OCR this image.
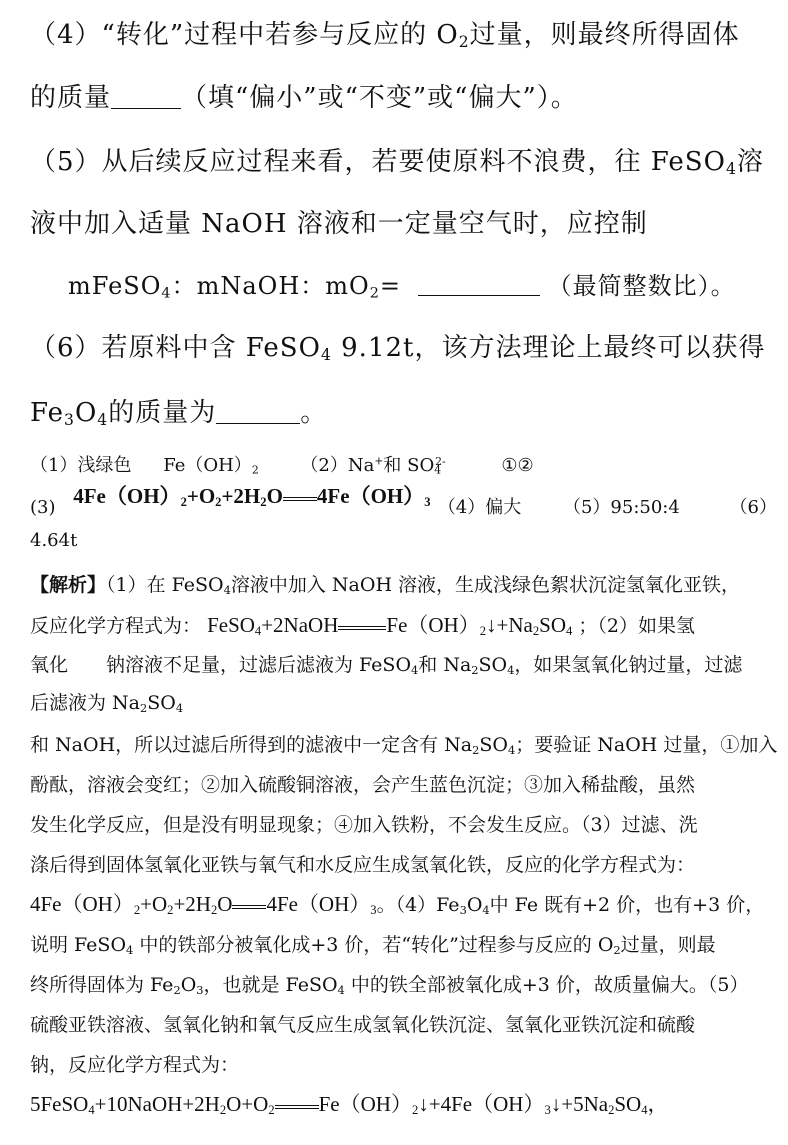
（4）“转化”过程中若参与反应的 $O_2$过量，则最终所得固体
的质量	（填“偏小”或“不变”或“偏大”）。
（5）从后续反应过程来看，若要使原料不浪费，往 FeSO$_4$溶
液中加入适量 NaOH 溶液和一定量空气时，应控制
mFeSO$_4$：mNaOH：$mO_2=$	（最简整数比）。
（6）若原料中含 FeSO$_4$ 9.12t，该方法理论上最终可以获得
$Fe_3O_4$的质量为	。
（1）浅绿色 $Fe(OH)_2$ （2）Na+和 $SO_4^{2-}$	①②
(3) $4Fe(OH)_2+O_2+2H_2O$ $4Fe(OH)_3$ （4）偏大 （5）95:50:4	（6）
4.64t
【解析】（1）在 FeSO$_4$溶液中加入 NaOH 溶液，生成浅绿色絮状沉淀氢氧化亚铁，
反应化学方程式为： FeSO$_4$+2NaOH $Fe(OH)_2↓+Na_2SO_4$ ；（2）如果氢
氧化　　钠溶液不足量，过滤后滤液为 FeSO$_4$和 $Na_2SO_4$，如果氢氧化钠过量，过滤
后滤液为 $Na_2SO_4$
和 NaOH，所以过滤后所得到的滤液中一定含有 $Na_2SO_4$；要验证 NaOH 过量，①加入
酚酞，溶液会变红；②加入硫酸铜溶液，会产生蓝色沉淀；③加入稀盐酸，虽然
发生化学反应，但是没有明显现象；④加入铁粉，不会发生反应。（3）过滤、洗
涤后得到固体氢氧化亚铁与氧气和水反应生成氢氧化铁，反应的化学方程式为：
$4Fe(OH)_2+O_2+2H_2O$ $4Fe(OH)_3$。$(4)Fe_3O_4$中 Fe 既有+2 价，也有+3 价，
说明 FeSO$_4$ 中的铁部分被氧化成+3 价，若“转化”过程参与反应的 $O_2$过量，则最
终所得固体为 $Fe_2O_3$，也就是 FeSO$_4$ 中的铁全部被氧化成+3 价，故质量偏大。（5）
硫酸亚铁溶液、氢氧化钠和氧气反应生成氢氧化铁沉淀、氢氧化亚铁沉淀和硫酸
钠，反应化学方程式为：
$5FeSO_4+10NaOH+2H_2O+O_2$ $Fe(OH)_2↓+4Fe(OH)_3↓+5Na_2SO_4$，
